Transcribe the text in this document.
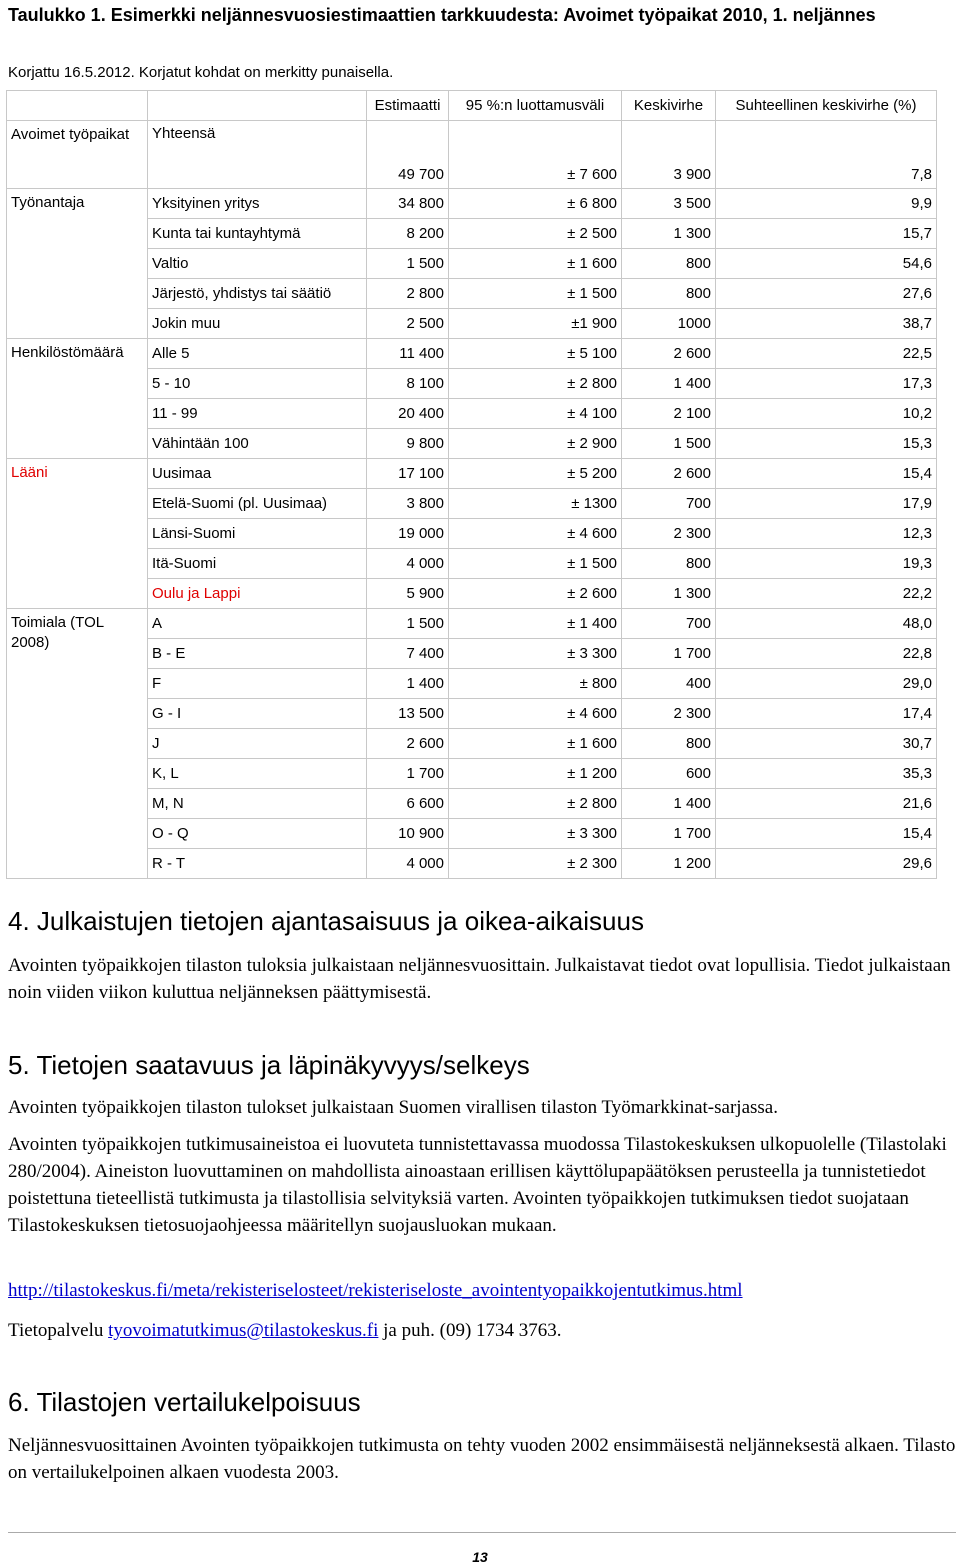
Taulukko 1. Esimerkki neljännesvuosiestimaattien tarkkuudesta: Avoimet työpaikat 2010, 1. neljännes
Korjattu 16.5.2012. Korjatut kohdat on merkitty punaisella.
		Estimaatti	95 %:n luottamusväli	Keskivirhe	Suhteellinen keskivirhe (%)
Avoimet työpaikat	Yhteensä	49 700	± 7 600	3 900	7,8
Työnantaja	Yksityinen yritys	34 800	± 6 800	3 500	9,9
	Kunta tai kuntayhtymä	8 200	± 2 500	1 300	15,7
	Valtio	1 500	± 1 600	800	54,6
	Järjestö, yhdistys tai säätiö	2 800	± 1 500	800	27,6
	Jokin muu	2 500	±1 900	1000	38,7
Henkilöstömäärä	Alle 5	11 400	± 5 100	2 600	22,5
	5 - 10	8 100	± 2 800	1 400	17,3
	11 - 99	20 400	± 4 100	2 100	10,2
	Vähintään 100	9 800	± 2 900	1 500	15,3
Lääni	Uusimaa	17 100	± 5 200	2 600	15,4
	Etelä-Suomi (pl. Uusimaa)	3 800	± 1300	700	17,9
	Länsi-Suomi	19 000	± 4 600	2 300	12,3
	Itä-Suomi	4 000	± 1 500	800	19,3
	Oulu ja Lappi	5 900	± 2 600	1 300	22,2
Toimiala (TOL 2008)	A	1 500	± 1 400	700	48,0
	B - E	7 400	± 3 300	1 700	22,8
	F	1 400	± 800	400	29,0
	G - I	13 500	± 4 600	2 300	17,4
	J	2 600	± 1 600	800	30,7
	K, L	1 700	± 1 200	600	35,3
	M, N	6 600	± 2 800	1 400	21,6
	O - Q	10 900	± 3 300	1 700	15,4
	R - T	4 000	± 2 300	1 200	29,6
4. Julkaistujen tietojen ajantasaisuus ja oikea-aikaisuus
Avointen työpaikkojen tilaston tuloksia julkaistaan neljännesvuosittain. Julkaistavat tiedot ovat lopullisia. Tiedot julkaistaan noin viiden viikon kuluttua neljänneksen päättymisestä.
5. Tietojen saatavuus ja läpinäkyvyys/selkeys
Avointen työpaikkojen tilaston tulokset julkaistaan Suomen virallisen tilaston Työmarkkinat-sarjassa.
Avointen työpaikkojen tutkimusaineistoa ei luovuteta tunnistettavassa muodossa Tilastokeskuksen ulkopuolelle (Tilastolaki 280/2004). Aineiston luovuttaminen on mahdollista ainoastaan erillisen käyttölupapäätöksen perusteella ja tunnistetiedot poistettuna tieteellistä tutkimusta ja tilastollisia selvityksiä varten. Avointen työpaikkojen tutkimuksen tiedot suojataan Tilastokeskuksen tietosuojaohjeessa määritellyn suojausluokan mukaan.
http://tilastokeskus.fi/meta/rekisteriselosteet/rekisteriseloste_avointentyopaikkojentutkimus.html
Tietopalvelu tyovoimatutkimus@tilastokeskus.fi ja puh. (09) 1734 3763.
6. Tilastojen vertailukelpoisuus
Neljännesvuosittainen Avointen työpaikkojen tutkimusta on tehty vuoden 2002 ensimmäisestä neljänneksestä alkaen. Tilasto on vertailukelpoinen alkaen vuodesta 2003.
13
